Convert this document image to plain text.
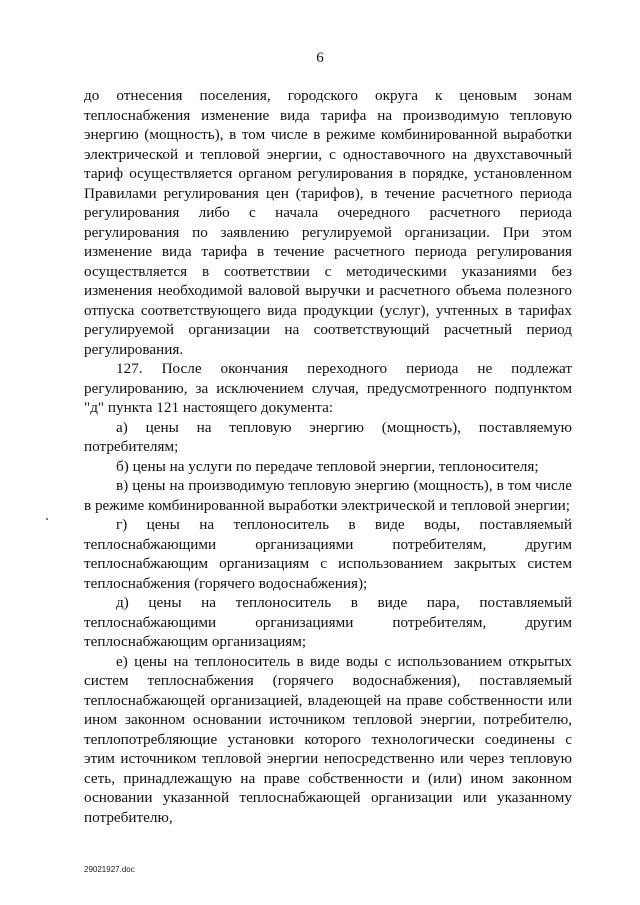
6

до отнесения поселения, городского округа к ценовым зонам теплоснабжения изменение вида тарифа на производимую тепловую энергию (мощность), в том числе в режиме комбинированной выработки электрической и тепловой энергии, с одноставочного на двухставочный тариф осуществляется органом регулирования в порядке, установленном Правилами регулирования цен (тарифов), в течение расчетного периода регулирования либо с начала очередного расчетного периода регулирования по заявлению регулируемой организации. При этом изменение вида тарифа в течение расчетного периода регулирования осуществляется в соответствии с методическими указаниями без изменения необходимой валовой выручки и расчетного объема полезного отпуска соответствующего вида продукции (услуг), учтенных в тарифах регулируемой организации на соответствующий расчетный период регулирования.

127. После окончания переходного периода не подлежат регулированию, за исключением случая, предусмотренного подпунктом "д" пункта 121 настоящего документа:

а) цены на тепловую энергию (мощность), поставляемую потребителям;

б) цены на услуги по передаче тепловой энергии, теплоносителя;

в) цены на производимую тепловую энергию (мощность), в том числе в режиме комбинированной выработки электрической и тепловой энергии;

г) цены на теплоноситель в виде воды, поставляемый теплоснабжающими организациями потребителям, другим теплоснабжающим организациям с использованием закрытых систем теплоснабжения (горячего водоснабжения);

д) цены на теплоноситель в виде пара, поставляемый теплоснабжающими организациями потребителям, другим теплоснабжающим организациям;

е) цены на теплоноситель в виде воды с использованием открытых систем теплоснабжения (горячего водоснабжения), поставляемый теплоснабжающей организацией, владеющей на праве собственности или ином законном основании источником тепловой энергии, потребителю, теплопотребляющие установки которого технологически соединены с этим источником тепловой энергии непосредственно или через тепловую сеть, принадлежащую на праве собственности и (или) ином законном основании указанной теплоснабжающей организации или указанному потребителю,

29021927.doc
